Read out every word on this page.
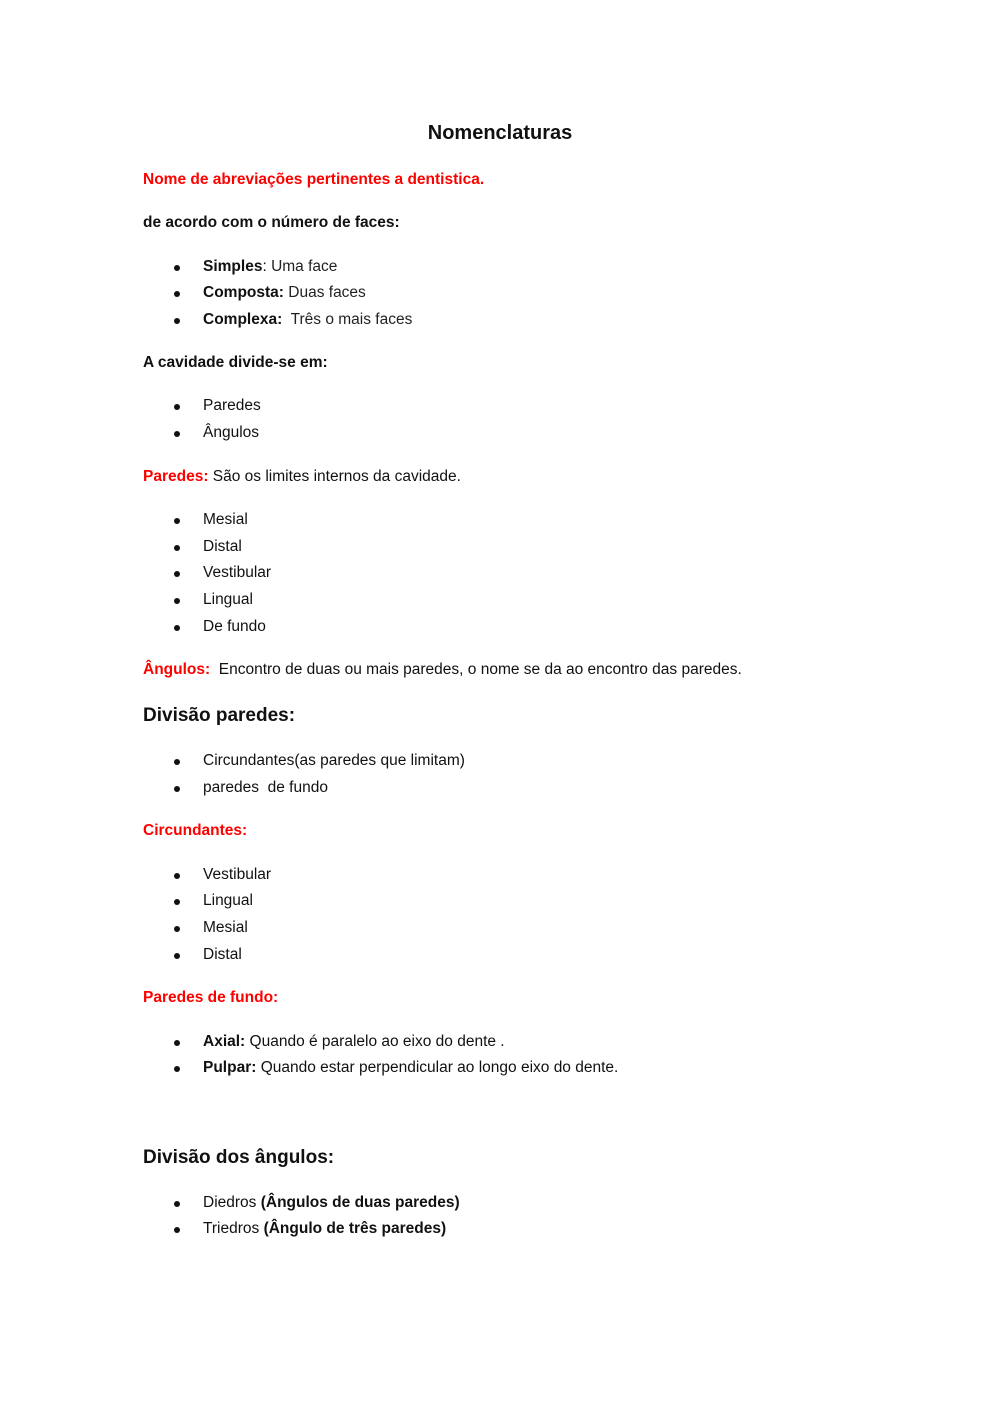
Nomenclaturas
Nome de abreviações pertinentes a dentistica.
de acordo com o número de faces:
Simples: Uma face
Composta: Duas faces
Complexa: Três o mais faces
A cavidade divide-se em:
Paredes
Ângulos
Paredes: São os limites internos da cavidade.
Mesial
Distal
Vestibular
Lingual
De fundo
Ângulos:  Encontro de duas ou mais paredes, o nome se da ao encontro das paredes.
Divisão paredes:
Circundantes(as paredes que limitam)
paredes  de fundo
Circundantes:
Vestibular
Lingual
Mesial
Distal
Paredes de fundo:
Axial: Quando é paralelo ao eixo do dente .
Pulpar: Quando estar perpendicular ao longo eixo do dente.
Divisão dos ângulos:
Diedros (Ângulos de duas paredes)
Triedros (Ângulo de três paredes)
